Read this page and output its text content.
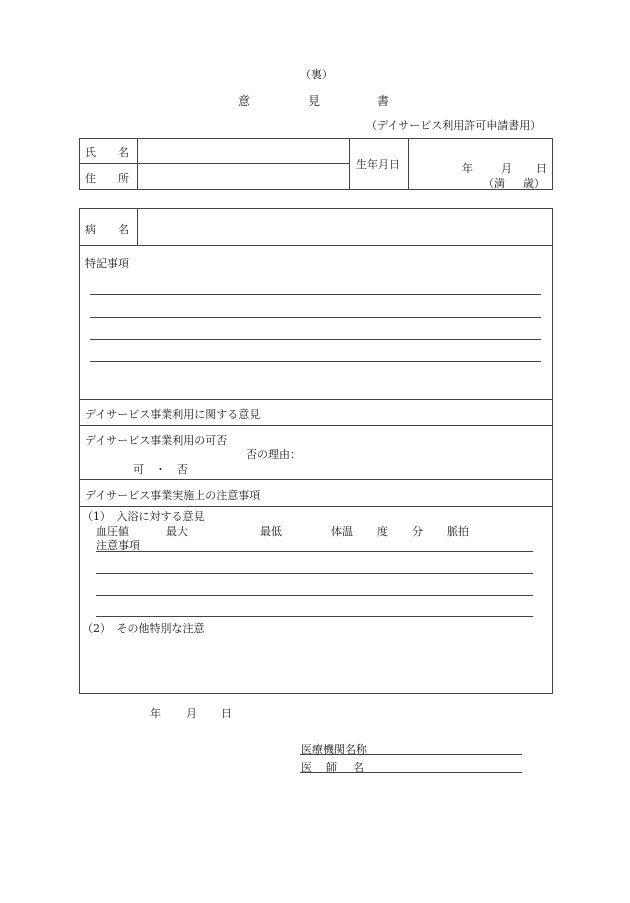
（裏）
意	見	書
（デイサービス利用許可申請書用）
氏 名
住 所
生年月日	年	月 日
（満 歳）
病 名
特記事項
デイサービス事業利用に関する意見
デイサービス事業利用の可否
否の理由：
可　・　否
デイサービス事業実施上の注意事項
（1）　入浴に対する意見
血圧値	最大	最低	体温 度 分 脈拍
注意事項
（2）　その他特別な注意
年 月 日
医療機関名称
医 師 名
